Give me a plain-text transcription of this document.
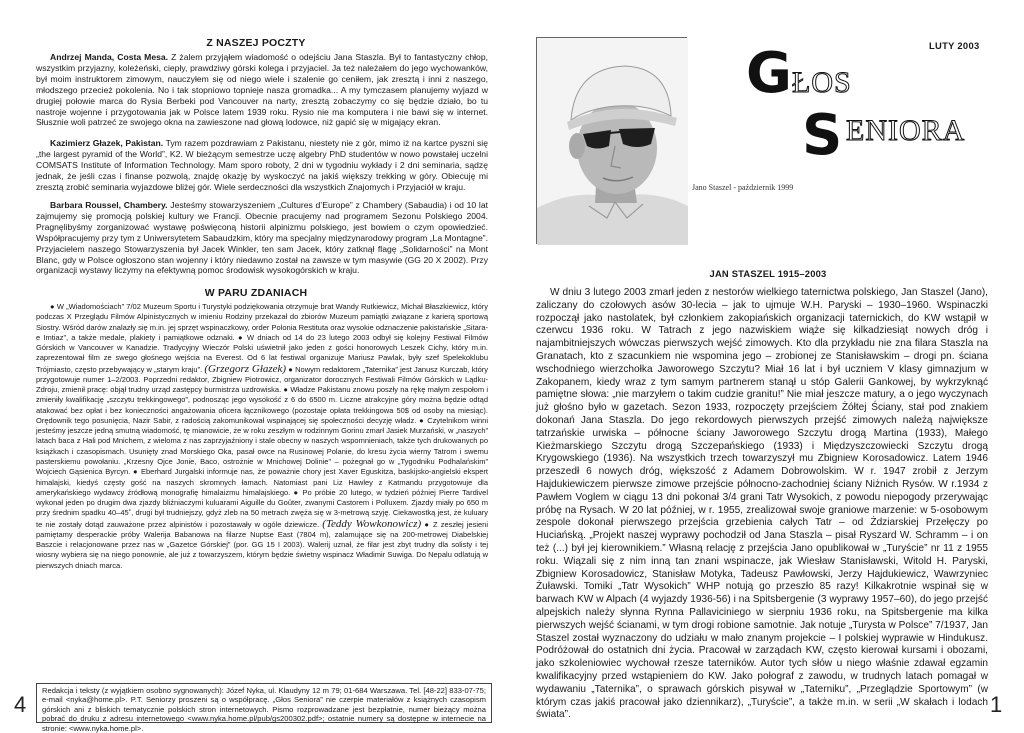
Z NASZEJ POCZTY
Andrzej Manda, Costa Mesa. Z żalem przyjąłem wiadomość o odejściu Jana Staszla. Był to fantastyczny chłop, wszystkim przyjazny, koleżeński, ciepły, prawdziwy górski kolega i przyjaciel. Ja też należałem do jego wychowanków, był moim instruktorem zimowym, nauczyłem się od niego wiele i szalenie go ceniłem, jak zresztą i inni z naszego, młodszego przecież pokolenia. No i tak stopniowo topnieje nasza gromadka... A my tymczasem planujemy wyjazd w drugiej połowie marca do Rysia Berbeki pod Vancouver na narty, zresztą zobaczymy co się będzie działo, bo tu nastroje wojenne i przygotowania jak w Polsce latem 1939 roku. Rysio nie ma komputera i nie bawi się w internet. Słusznie woli patrzeć ze swojego okna na zawieszone nad głową lodowce, niż gapić się w migający ekran.
Kazimierz Głazek, Pakistan. Tym razem pozdrawiam z Pakistanu, niestety nie z gór, mimo iż na kartce pyszni się „the largest pyramid of the World”, K2. W bieżącym semestrze uczę algebry PhD studentów w nowo powstałej uczelni COMSATS Institute of Information Technology. Mam sporo roboty, 2 dni w tygodniu wykłady i 2 dni seminaria, sądzę jednak, że jeśli czas i finanse pozwolą, znajdę okazję by wyskoczyć na jakiś większy trekking w góry. Obiecuję mi zresztą zrobić seminaria wyjazdowe bliżej gór. Wiele serdeczności dla wszystkich Znajomych i Przyjaciół w kraju.
Barbara Roussel, Chambery. Jesteśmy stowarzyszeniem „Cultures d’Europe” z Chambery (Sabaudia) i od 10 lat zajmujemy się promocją polskiej kultury we Francji. Obecnie pracujemy nad programem Sezonu Polskiego 2004. Pragnęlibyśmy zorganizować wystawę poświęconą historii alpinizmu polskiego, jest bowiem o czym opowiedzieć. Współpracujemy przy tym z Uniwersytetem Sabaudzkim, który ma specjalny międzynarodowy program „La Montagne”. Przyjacielem naszego Stowarzyszenia był Jacek Winkler, ten sam Jacek, który zatknął flagę „Solidarności” na Mont Blanc, gdy w Polsce ogłoszono stan wojenny i który niedawno został na zawsze w tym masywie (GG 20 X 2002). Przy organizacji wystawy liczymy na efektywną pomoc środowisk wysokogórskich w kraju.
W PARU ZDANIACH
● W „Wiadomościach” 7/02 Muzeum Sportu i Turystyki podziękowania otrzymuje brat Wandy Rutkiewicz, Michał Błaszkiewicz, który podczas X Przeglądu Filmów Alpinistycznych w imieniu Rodziny przekazał do zbiorów Muzeum pamiątki związane z karierą sportową Siostry. Wśród darów znalazły się m.in. jej sprzęt wspinaczkowy, order Polonia Restituta oraz wysokie odznaczenie pakistańskie „Sitara-e Imtiaz”, a także medale, plakiety i pamiątkowe odznaki. ● W dniach od 14 do 23 lutego 2003 odbył się kolejny Festiwal Filmów Górskich w Vancouver w Kanadzie. Tradycyjny Wieczór Polski uświetnił jako jeden z gości honorowych Leszek Cichy, który m.in. zaprezentował film ze swego głośnego wejścia na Everest. Od 6 lat festiwal organizuje Mariusz Pawlak, były szef Spelekoklubu Trójmiasto, często przebywający w „starym kraju”. (Grzegorz Głazek) ● Nowym redaktorem „Taternika” jest Janusz Kurczab, który przygotowuje numer 1–2/2003. Poprzedni redaktor, Zbigniew Piotrowicz, organizator dorocznych Festiwali Filmów Górskich w Lądku-Zdroju, zmienił pracę: objął trudny urząd zastępcy burmistrza uzdrowiska. ● Władze Pakistanu znowu poszły na rękę małym zespołom i zmieniły kwalifikację „szczytu trekkingowego”, podnosząc jego wysokość z 6 do 6500 m. Liczne atrakcyjne góry można będzie odtąd atakować bez opłat i bez konieczności angażowania oficera łącznikowego (pozostaje opłata trekkingowa 50$ od osoby na miesiąc). Orędownik tego posunięcia, Nazir Sabir, z radością zakomunikował wspinającej się społeczności decyzję władz. ● Czytelnikom winni jesteśmy jeszcze jedną smutną wiadomość, tę mianowicie, że w roku zeszłym w rodzinnym Gorinu zmarł Jasiek Murzański, w „naszych” latach baca z Hali pod Mnichem, z wieloma z nas zaprzyjaźniony i stale obecny w naszych wspomnieniach, także tych drukowanych po książkach i czasopismach. Usunięty znad Morskiego Oka, pasał owce na Rusinowej Polanie, do kresu życia wierny Tatrom i swemu pasterskiemu powołaniu. „Krzesny Ojce Jonie, Baco, ostrożnie w Mnichowej Dolinie” – pożegnał go w „Tygodniku Podhalańskim” Wojciech Gąsienica Byrcyn. ● Eberhard Jurgalski informuje nas, że poważnie chory jest Xaver Eguskitza, baskijsko-angielski ekspert himalajski, kiedyś częsty gość na naszych skromnych łamach. Natomiast pani Liz Hawley z Katmandu przygotowuje dla amerykańskiego wydawcy źródłową monografię himalaizmu himalajskiego. ● Po próbie 20 lutego, w tydzień później Pierre Tardivel wykonał jeden po drugim dwa zjazdy bliźniaczymi kuluarami Aiguille du Goûter, zwanymi Castorem i Polluxem. Zjazdy miały po 650 m przy średnim spadku 40–45˚, drugi był trudniejszy, gdyż zleb na 50 metrach zwęża się w 3-metrową szyję. Ciekawostką jest, że kuluary te nie zostały dotąd zauważone przez alpinistów i pozostawały w ogóle dziewicze. (Teddy Wowkonowicz) ● Z zeszłej jesieni pamiętamy desperackie próby Walerija Babanowa na filarze Nuptse East (7804 m), zalamujące się na 200-metrowej Diabelskiej Baszcie i relacjonowane przez nas w „Gazetce Górskiej” (por. GG 15 I 2003). Walerij uznał, że filar jest zbyt trudny dla solisty i tej wiosny wybiera się na niego ponownie, ale już z towarzyszem, którym będzie świetny wspinacz Władimir Suwiga. Do Nepalu odlatują w pierwszych dniach marca.
Redakcja i teksty (z wyjątkiem osobno sygnowanych): Józef Nyka, ul. Klaudyny 12 m 79; 01-684 Warszawa. Tel. [48-22] 833-07-75; e-mail <nyka@home.pl>. P.T. Seniorzy proszeni są o współpracę. „Głos Seniora” nie czerpie materiałów z książnych czasopism górskich ani z bliskich tematycznie polskich stron internetowych. Pismo rozprowadzane jest bezpłatnie, numer bieżący można pobrać do druku z adresu internetowego <www.nyka.home.pl/pub/gs200302.pdf>; ostatnie numery są dostępne w internecie na stronie: <www.nyka.home.pl>.
4
LUTY 2003
G ŁOS
S ENIORA
Jano Staszel - październik 1999
JAN STASZEL 1915–2003
W dniu 3 lutego 2003 zmarł jeden z nestorów wielkiego taternictwa polskiego, Jan Staszel (Jano), zaliczany do czołowych asów 30-lecia – jak to ujmuje W.H. Paryski – 1930–1960. Wspinaczki rozpoczął jako nastolatek, był członkiem zakopiańskich organizacji taternickich, do KW wstąpił w czerwcu 1936 roku. W Tatrach z jego nazwiskiem wiąże się kilkadziesiąt nowych dróg i najambitniejszych wówczas pierwszych wejść zimowych. Kto dla przykładu nie zna filara Staszla na Granatach, kto z szacunkiem nie wspomina jego – zrobionej ze Stanisławskim – drogi pn. ściana wschodniego wierzchołka Jaworowego Szczytu? Miał 16 lat i był uczniem V klasy gimnazjum w Zakopanem, kiedy wraz z tym samym partnerem stanął u stóp Galerii Gankowej, by wykrzyknąć pamiętne słowa: „nie marzyłem o takim cudzie granitu!” Nie miał jeszcze matury, a o jego wyczynach już głośno było w gazetach. Sezon 1933, rozpoczęty przejściem Żółtej Ściany, stał pod znakiem dokonań Jana Staszla. Do jego rekordowych pierwszych przejść zimowych należą największe tatrzańskie urwiska – północne ściany Jaworowego Szczytu drogą Martina (1933), Małego Kieżmarskiego Szczytu drogą Szczepańskiego (1933) i Międzyszczowiecki Szczytu drogą Krygowskiego (1936). Na wszystkich trzech towarzyszył mu Zbigniew Korosadowicz. Latem 1946 przeszedł 6 nowych dróg, większość z Adamem Dobrowolskim. W r. 1947 zrobił z Jerzym Hajdukiewiczem pierwsze zimowe przejście północno-zachodniej ściany Niżnich Rysów. W r.1934 z Pawłem Voglem w ciągu 13 dni pokonał 3/4 grani Tatr Wysokich, z powodu niepogody przerywając próbę na Rysach. W 20 lat później, w r. 1955, zrealizował swoje graniowe marzenie: w 5-osobowym zespole dokonał pierwszego przejścia grzebienia całych Tatr – od Żdziarskiej Przełęczy po Huciańską. „Projekt naszej wyprawy pochodził od Jana Staszla – pisał Ryszard W. Schramm – i on też (...) był jej kierownikiem.” Własną relację z przejścia Jano opublikował w „Turyście” nr 11 z 1955 roku. Wiązali się z nim inną tan znani wspinacze, jak Wiesław Stanisławski, Witold H. Paryski, Zbigniew Korosadowicz, Stanisław Motyka, Tadeusz Pawłowski, Jerzy Hajdukiewicz, Wawrzyniec Żuławski. Tomiki „Tatr Wysokich” WHP notują go przeszło 85 razy! Kilkakrotnie wspinał się w barwach KW w Alpach (4 wyjazdy 1936-56) i na Spitsbergenie (3 wyprawy 1957–60), do jego przejść alpejskich należy słynna Rynna Pallaviciniego w sierpniu 1936 roku, na Spitsbergenie ma kilka pierwszych wejść ścianami, w tym drogi robione samotnie. Jak notuje „Turysta w Polsce” 7/1937, Jan Staszel został wyznaczony do udziału w mało znanym projekcie – I polskiej wyprawie w Hindukusz. Podróżował do ostatnich dni życia. Pracował w zarządach KW, często kierował kursami i obozami, jako szkoleniowiec wychował rzesze taterników. Autor tych słów u niego właśnie zdawał egzamin kwalifikacyjny przed wstąpieniem do KW. Jako połograf z zawodu, w trudnych latach pomagał w wydawaniu „Taternika”, o sprawach górskich pisywał w „Taterniku”, „Przeglądzie Sportowym” (w którym czas jakiś pracował jako dziennikarz), „Turyście”, a także m.in. w serii „W skałach i lodach świata”.	1
